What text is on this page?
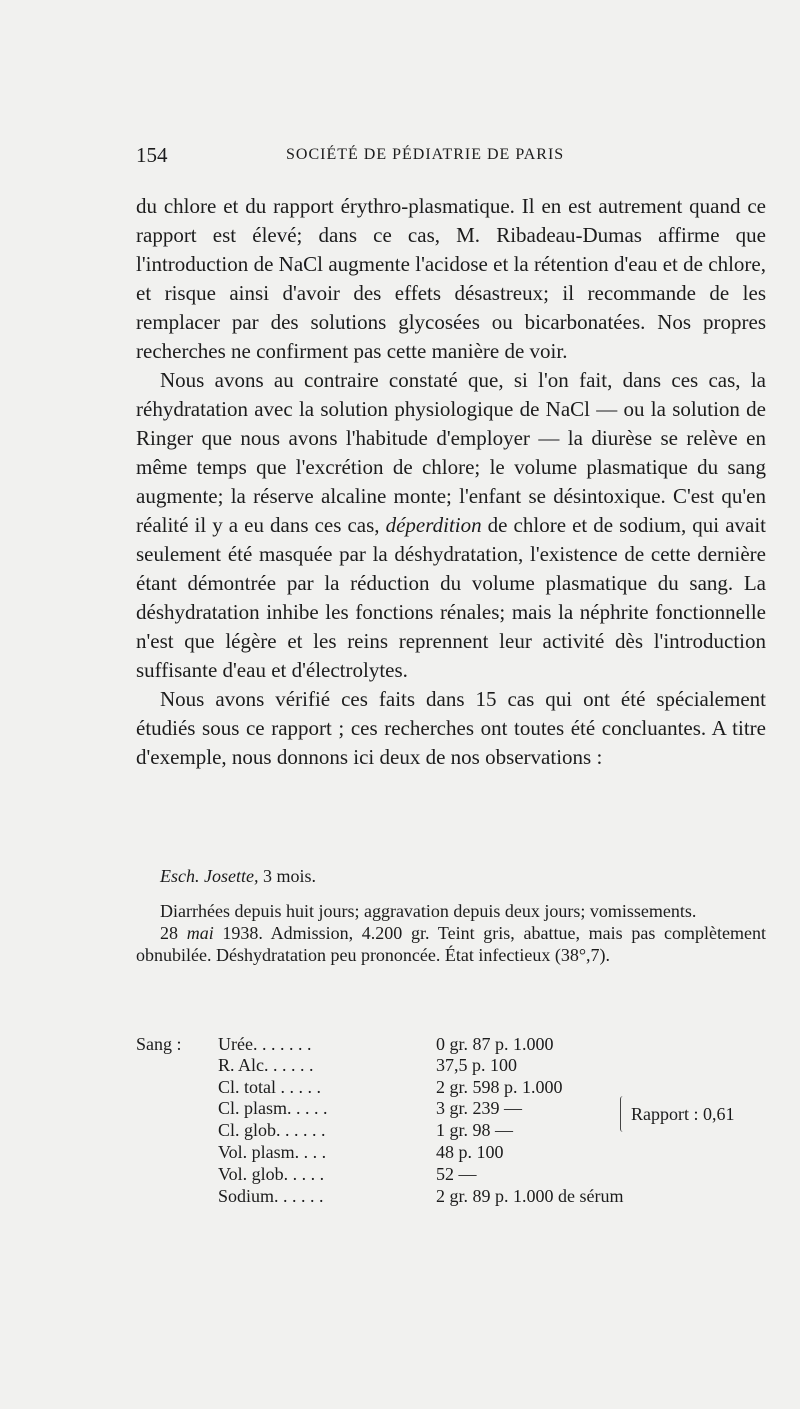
154	SOCIÉTÉ DE PÉDIATRIE DE PARIS

du chlore et du rapport érythro-plasmatique. Il en est autrement quand ce rapport est élevé; dans ce cas, M. Ribadeau-Dumas affirme que l'introduction de NaCl augmente l'acidose et la rétention d'eau et de chlore, et risque ainsi d'avoir des effets désastreux; il recommande de les remplacer par des solutions glycosées ou bicarbonatées. Nos propres recherches ne confirment pas cette manière de voir.

Nous avons au contraire constaté que, si l'on fait, dans ces cas, la réhydratation avec la solution physiologique de NaCl — ou la solution de Ringer que nous avons l'habitude d'employer — la diurèse se relève en même temps que l'excrétion de chlore; le volume plasmatique du sang augmente; la réserve alcaline monte; l'enfant se désintoxique. C'est qu'en réalité il y a eu dans ces cas, déperdition de chlore et de sodium, qui avait seulement été masquée par la déshydratation, l'existence de cette dernière étant démontrée par la réduction du volume plasmatique du sang. La déshydratation inhibe les fonctions rénales; mais la néphrite fonctionnelle n'est que légère et les reins reprennent leur activité dès l'introduction suffisante d'eau et d'électrolytes.

Nous avons vérifié ces faits dans 15 cas qui ont été spécialement étudiés sous ce rapport ; ces recherches ont toutes été concluantes. A titre d'exemple, nous donnons ici deux de nos observations :

Esch. Josette, 3 mois.

Diarrhées depuis huit jours; aggravation depuis deux jours; vomissements.

28 mai 1938. Admission, 4.200 gr. Teint gris, abattue, mais pas complètement obnubilée. Déshydratation peu prononcée. État infectieux (38°,7).

Sang : Urée. . . . . . .	0 gr. 87 p. 1.000
R. Alc. . . . . .	37,5 p. 100
Cl. total . . . . .	2 gr. 598 p. 1.000
Cl. plasm. . . . .	3 gr. 239 —
Cl. glob. . . . . .	1 gr. 98 —
Vol. plasm. . . .	48 p. 100
Vol. glob. . . . .	52 —
Sodium. . . . . .	2 gr. 89 p. 1.000 de sérum
Rapport : 0,61
